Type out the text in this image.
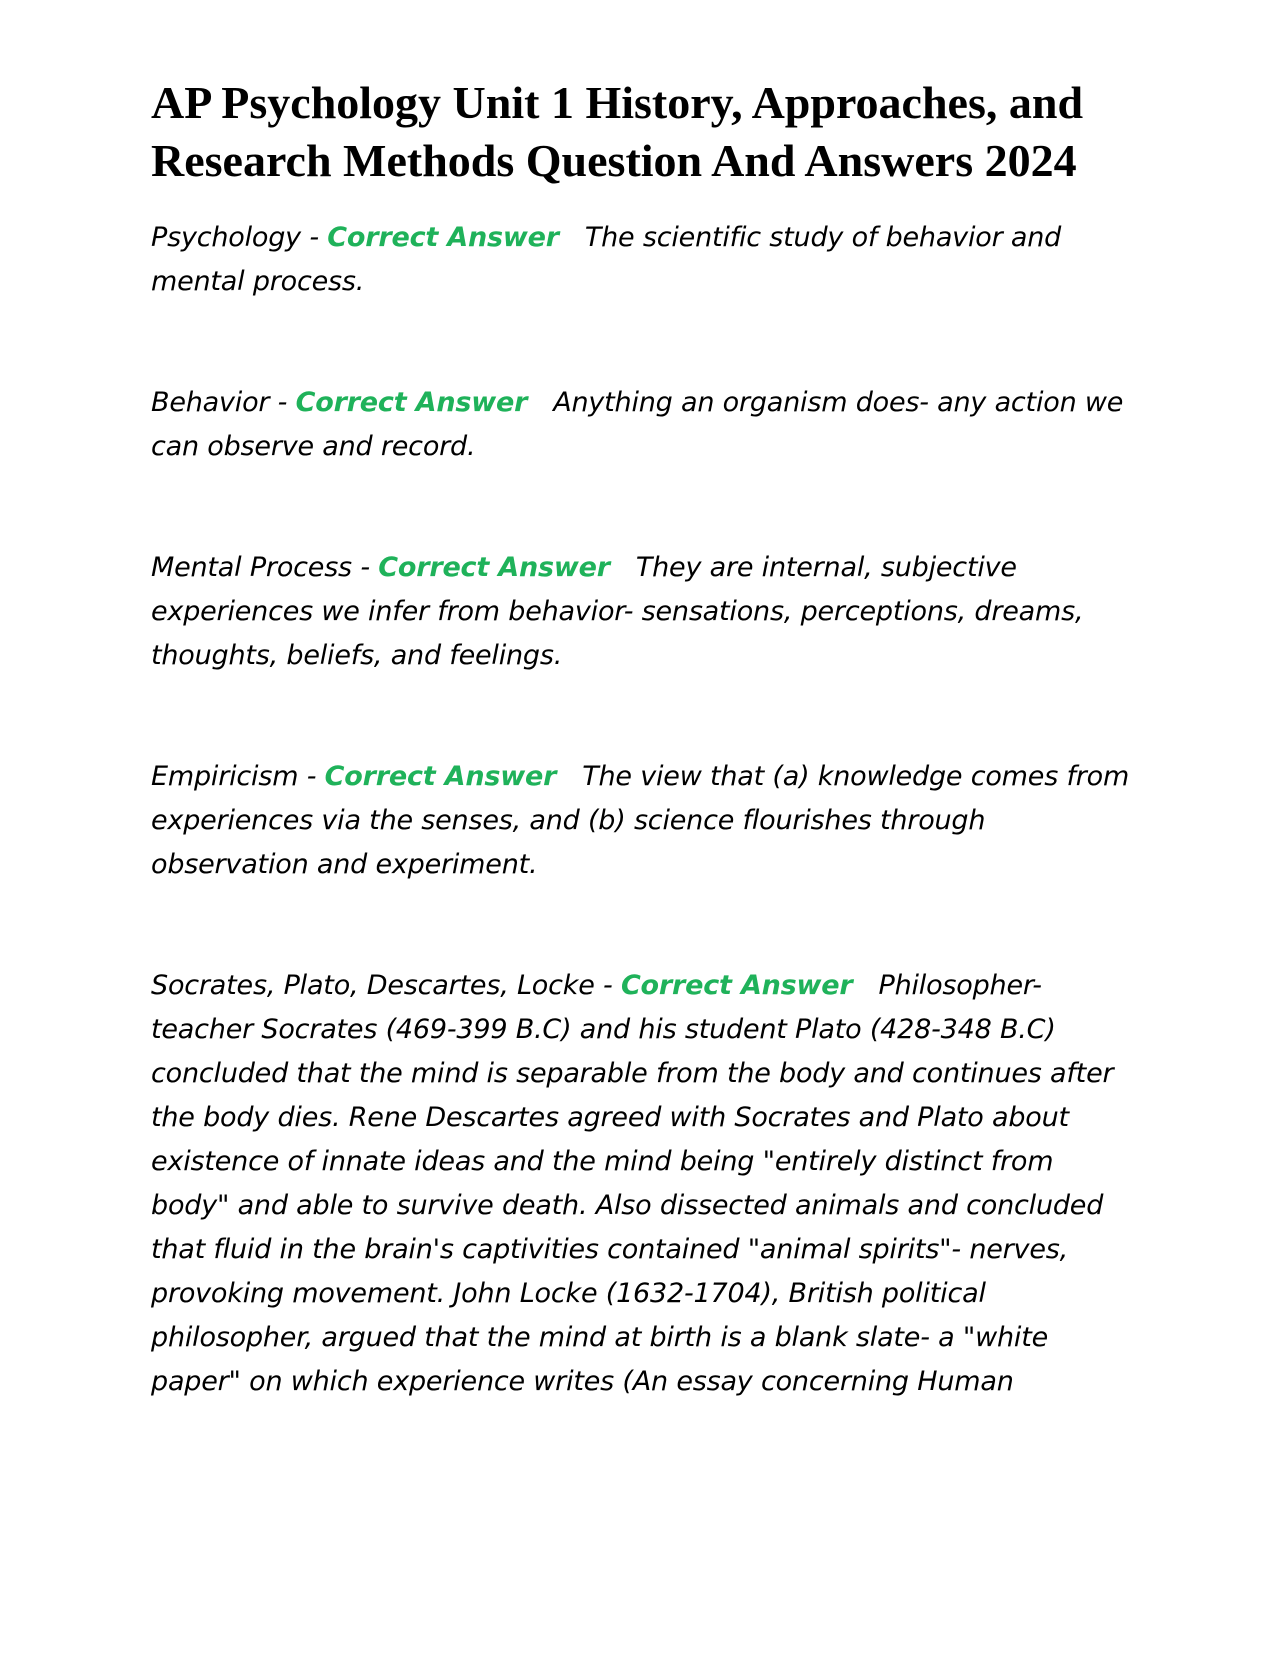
AP Psychology Unit 1 History, Approaches, and Research Methods Question And Answers 2024

Psychology - Correct Answer The scientific study of behavior and mental process.

Behavior - Correct Answer Anything an organism does- any action we can observe and record.

Mental Process - Correct Answer They are internal, subjective experiences we infer from behavior- sensations, perceptions, dreams, thoughts, beliefs, and feelings.

Empiricism - Correct Answer The view that (a) knowledge comes from experiences via the senses, and (b) science flourishes through observation and experiment.

Socrates, Plato, Descartes, Locke - Correct Answer Philosopher-teacher Socrates (469-399 B.C) and his student Plato (428-348 B.C) concluded that the mind is separable from the body and continues after the body dies. Rene Descartes agreed with Socrates and Plato about existence of innate ideas and the mind being "entirely distinct from body" and able to survive death. Also dissected animals and concluded that fluid in the brain's captivities contained "animal spirits"- nerves, provoking movement. John Locke (1632-1704), British political philosopher, argued that the mind at birth is a blank slate- a "white paper" on which experience writes (An essay concerning Human
